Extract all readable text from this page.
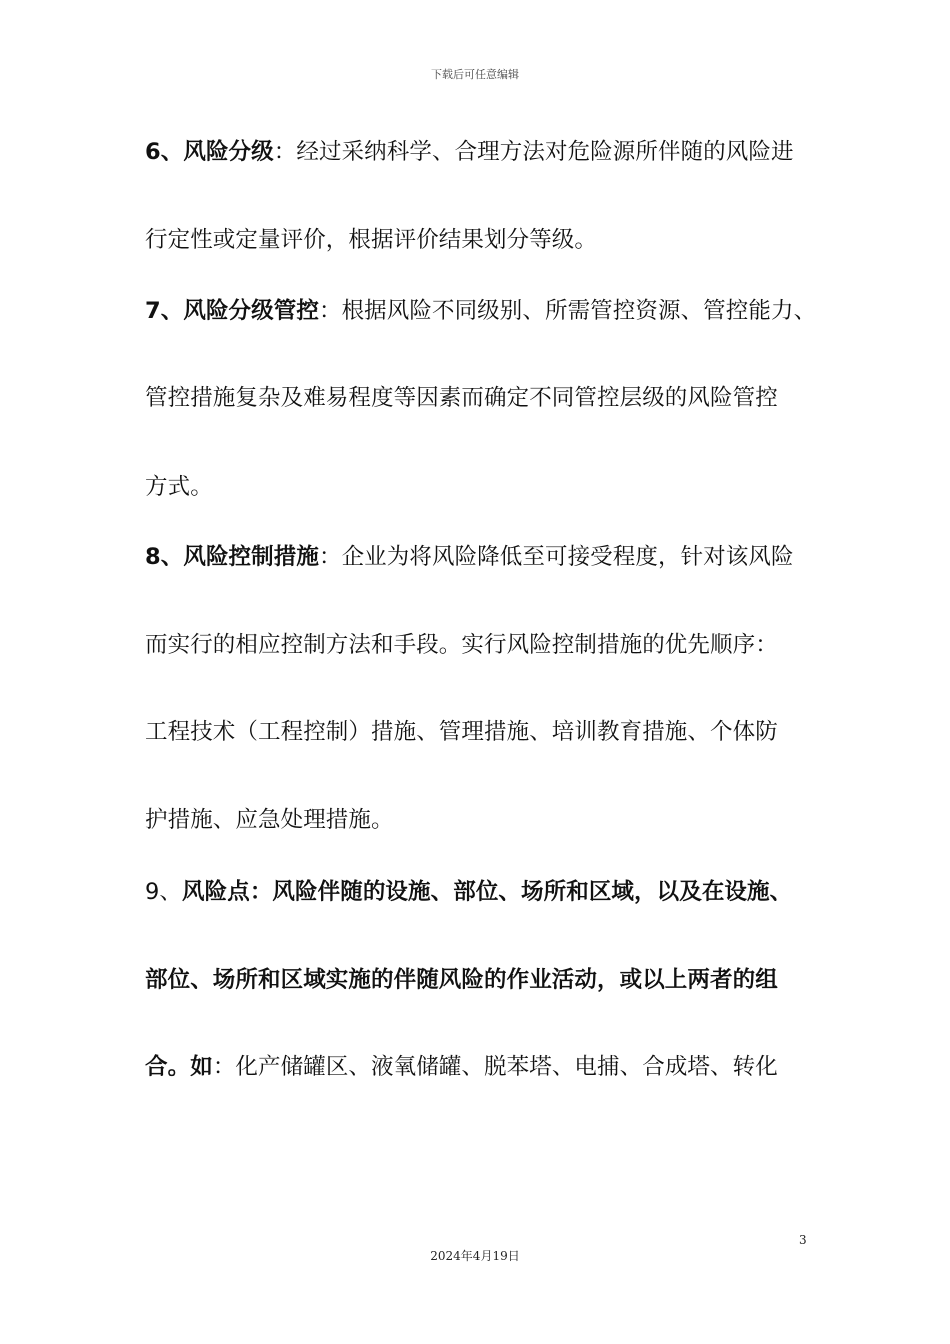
下载后可任意编辑
6、风险分级：经过采纳科学、合理方法对危险源所伴随的风险进
行定性或定量评价，根据评价结果划分等级。
7、风险分级管控：根据风险不同级别、所需管控资源、管控能力、
管控措施复杂及难易程度等因素而确定不同管控层级的风险管控
方式。
8、风险控制措施：企业为将风险降低至可接受程度，针对该风险
而实行的相应控制方法和手段。实行风险控制措施的优先顺序：
工程技术（工程控制）措施、管理措施、培训教育措施、个体防
护措施、应急处理措施。
9、风险点：风险伴随的设施、部位、场所和区域，以及在设施、
部位、场所和区域实施的伴随风险的作业活动，或以上两者的组
合。如：化产储罐区、液氧储罐、脱苯塔、电捕、合成塔、转化
3
2024年4月19日
